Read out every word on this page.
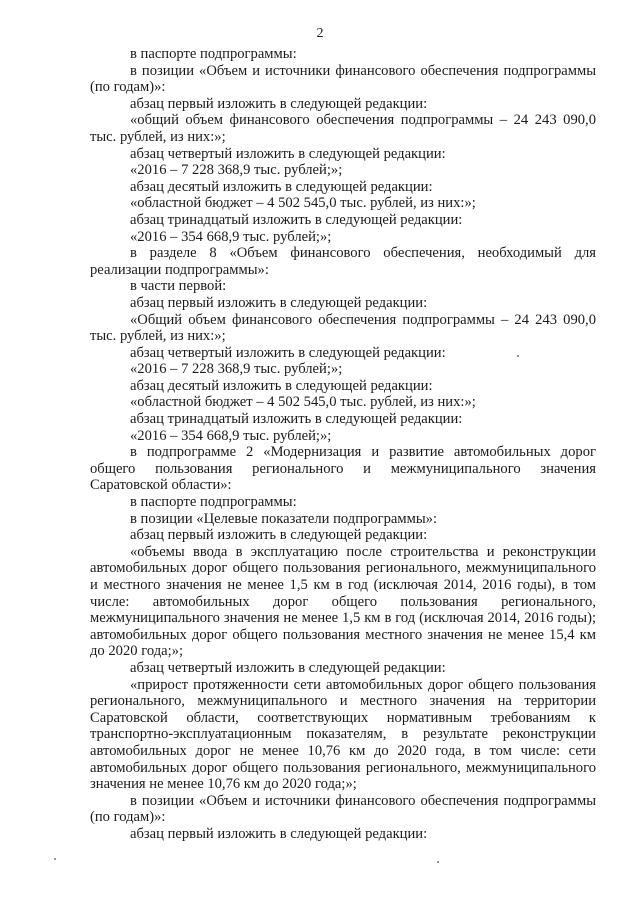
2

в паспорте подпрограммы:

в позиции «Объем и источники финансового обеспечения подпрограммы (по годам)»:

абзац первый изложить в следующей редакции:

«общий объем финансового обеспечения подпрограммы – 24 243 090,0 тыс. рублей, из них:»;

абзац четвертый изложить в следующей редакции:

«2016 – 7 228 368,9 тыс. рублей;»;

абзац десятый изложить в следующей редакции:

«областной бюджет – 4 502 545,0 тыс. рублей, из них:»;

абзац тринадцатый изложить в следующей редакции:

«2016 – 354 668,9 тыс. рублей;»;

в разделе 8 «Объем финансового обеспечения, необходимый для реализации подпрограммы»:

в части первой:

абзац первый изложить в следующей редакции:

«Общий объем финансового обеспечения подпрограммы – 24 243 090,0 тыс. рублей, из них:»;

абзац четвертый изложить в следующей редакции:

«2016 – 7 228 368,9 тыс. рублей;»;

абзац десятый изложить в следующей редакции:

«областной бюджет – 4 502 545,0 тыс. рублей, из них:»;

абзац тринадцатый изложить в следующей редакции:

«2016 – 354 668,9 тыс. рублей;»;

в подпрограмме 2 «Модернизация и развитие автомобильных дорог общего пользования регионального и межмуниципального значения Саратовской области»:

в паспорте подпрограммы:

в позиции «Целевые показатели подпрограммы»:

абзац первый изложить в следующей редакции:

«объемы ввода в эксплуатацию после строительства и реконструкции автомобильных дорог общего пользования регионального, межмуниципального и местного значения не менее 1,5 км в год (исключая 2014, 2016 годы), в том числе: автомобильных дорог общего пользования регионального, межмуниципального значения не менее 1,5 км в год (исключая 2014, 2016 годы); автомобильных дорог общего пользования местного значения не менее 15,4 км до 2020 года;»;

абзац четвертый изложить в следующей редакции:

«прирост протяженности сети автомобильных дорог общего пользования регионального, межмуниципального и местного значения на территории Саратовской области, соответствующих нормативным требованиям к транспортно-эксплуатационным показателям, в результате реконструкции автомобильных дорог не менее 10,76 км до 2020 года, в том числе: сети автомобильных дорог общего пользования регионального, межмуниципального значения не менее 10,76 км до 2020 года;»;

в позиции «Объем и источники финансового обеспечения подпрограммы (по годам)»:

абзац первый изложить в следующей редакции:
